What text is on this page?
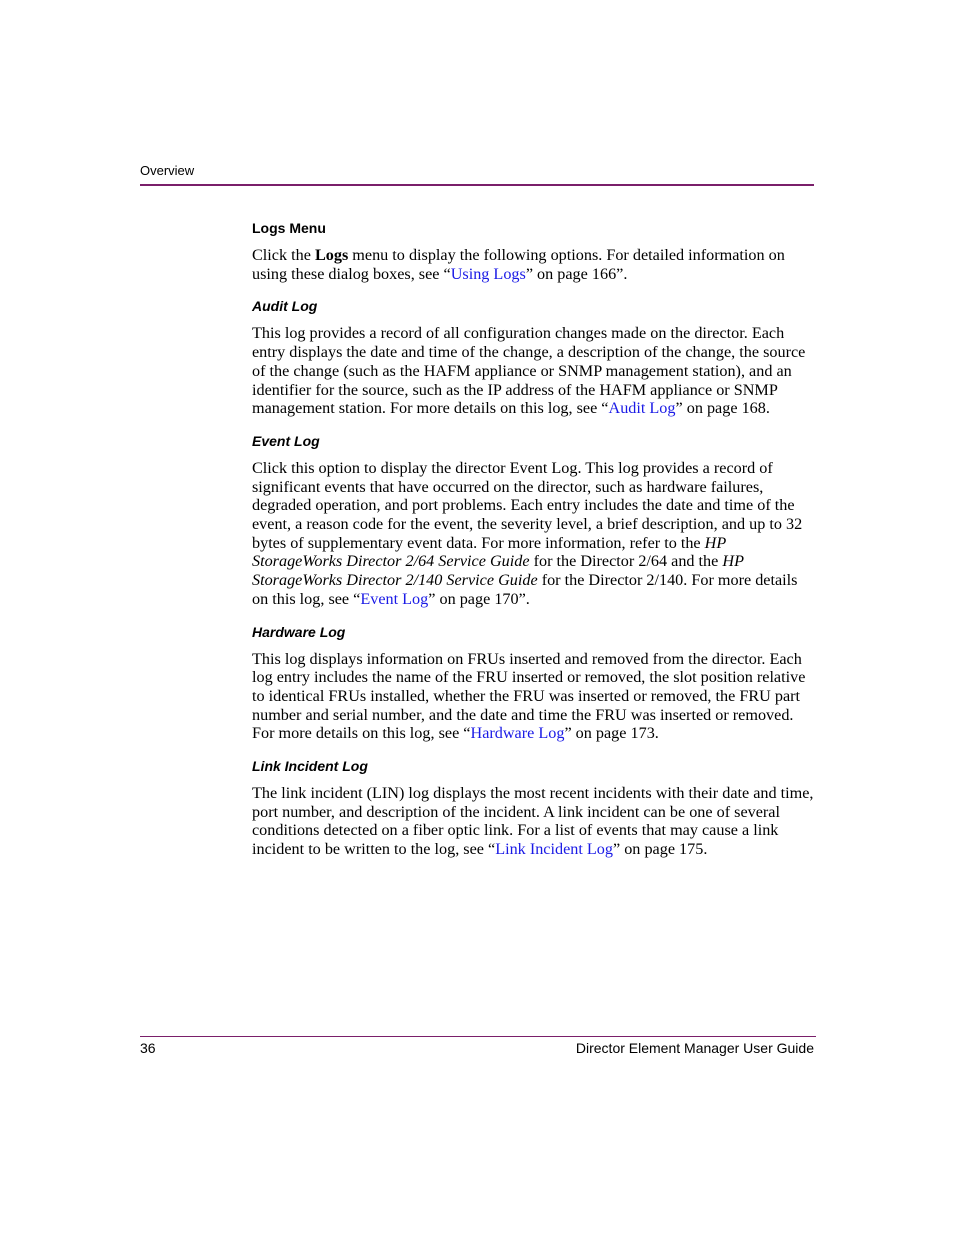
Overview
Logs Menu

Click the Logs menu to display the following options. For detailed information on using these dialog boxes, see “Using Logs” on page 166”.

Audit Log

This log provides a record of all configuration changes made on the director. Each entry displays the date and time of the change, a description of the change, the source of the change (such as the HAFM appliance or SNMP management station), and an identifier for the source, such as the IP address of the HAFM appliance or SNMP management station. For more details on this log, see “Audit Log” on page 168.

Event Log

Click this option to display the director Event Log. This log provides a record of significant events that have occurred on the director, such as hardware failures, degraded operation, and port problems. Each entry includes the date and time of the event, a reason code for the event, the severity level, a brief description, and up to 32 bytes of supplementary event data. For more information, refer to the HP StorageWorks Director 2/64 Service Guide for the Director 2/64 and the HP StorageWorks Director 2/140 Service Guide for the Director 2/140. For more details on this log, see “Event Log” on page 170”.

Hardware Log

This log displays information on FRUs inserted and removed from the director. Each log entry includes the name of the FRU inserted or removed, the slot position relative to identical FRUs installed, whether the FRU was inserted or removed, the FRU part number and serial number, and the date and time the FRU was inserted or removed. For more details on this log, see “Hardware Log” on page 173.

Link Incident Log

The link incident (LIN) log displays the most recent incidents with their date and time, port number, and description of the incident. A link incident can be one of several conditions detected on a fiber optic link. For a list of events that may cause a link incident to be written to the log, see “Link Incident Log” on page 175.

36	Director Element Manager User Guide
